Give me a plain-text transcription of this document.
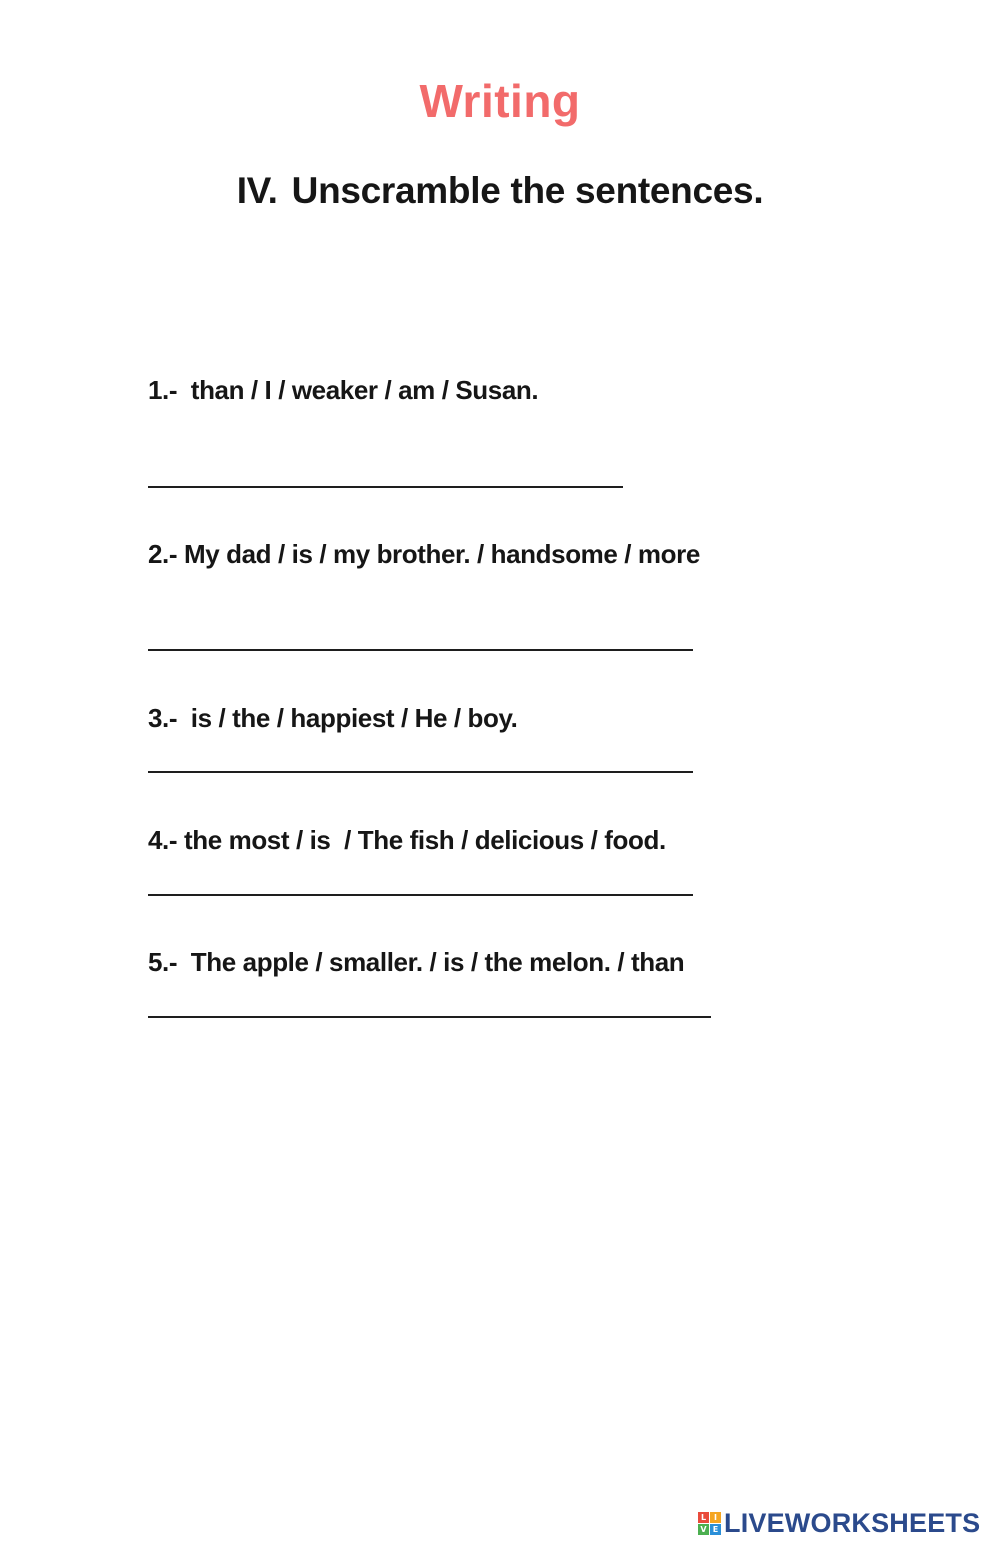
Writing
IV. Unscramble the sentences.
1.-  than / I / weaker / am / Susan.
2.- My dad / is / my brother. / handsome / more
3.-  is / the / happiest / He / boy.
4.- the most / is  / The fish / delicious / food.
5.-  The apple / smaller. / is / the melon. / than
L I
V E LIVEWORKSHEETS
